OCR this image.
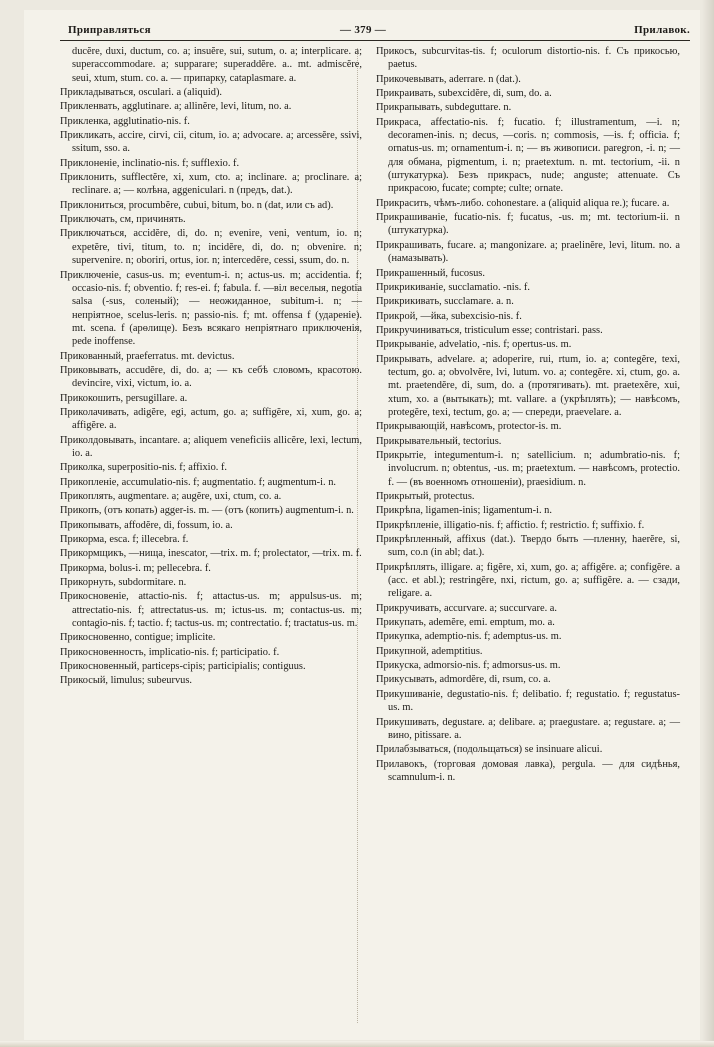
Приправляться	— 379 —	Прилавок.
ducĕre, duxi, ductum, co. a; insuĕre, sui, sutum, o. a; interplicare. a; superaccommodare. a; supparare; superaddĕre. a.. mt. admiscĕre, seui, xtum, stum. co. a. — припарку, cataplasmare. a.
Прикладываться, osculari. a (aliquid).
Прикленвать, agglutinare. a; allinĕre, levi, litum, no. a.
Прикленка, agglutinatio-nis. f.
Прикликать, accire, cirvi, cii, citum, io. a; advocare. a; arcessĕre, ssivi, ssitum, sso. a.
Приклоненіе, inclinatio-nis. f; sufflexio. f.
Приклонить, sufflectĕre, xi, xum, cto. a; inclinare. a; proclinare. a; reclinare. a; — колѣна, aggeniculari. n (предъ, dat.).
Приклониться, procumbĕre, cubui, bitum, bo. n (dat, или съ ad).
Приключать, см, причинять.
Приключаться, accidĕre, di, do. n; evenire, veni, ventum, io. n; expetĕre, tivi, titum, to. n; incidĕre, di, do. n; obvenire. n; supervenire. n; oboriri, ortus, ior. n; intercedĕre, cessi, ssum, do. n.
Приключеніе, casus-us. m; eventum-i. n; actus-us. m; accidentia. f; occasio-nis. f; obventio. f; res-ei. f; fabula. f. —віл веселыя, negotia salsa (-sus, соленый); — неожиданное, subitum-i. n; — непріятное, scelus-leris. n; passio-nis. f; mt. offensa f (удареніе). mt. scena. f (арѳлище). Безъ всякаго непріятнаго приключенія, pede inoffense.
Прикованный, praeferratus. mt. devictus.
Приковывать, accudĕre, di, do. a; — къ себѣ словомъ, красотою. devincire, vixi, victum, io. a.
Прикокошить, persugillare. a.
Приколачивать, adigĕre, egi, actum, go. a; suffigĕre, xi, xum, go. a; affigĕre. a.
Приколдовывать, incantare. a; aliquem veneficiis allicĕre, lexi, lectum, io. a.
Приколка, superpositio-nis. f; affixio. f.
Прикопленіе, accumulatio-nis. f; augmentatio. f; augmentum-i. n.
Прикоплять, augmentare. a; augĕre, uxi, ctum, co. a.
Прикопъ, (отъ копать) agger-is. m. — (отъ (копить) augmentum-i. n.
Прикопывать, affodĕre, di, fossum, io. a.
Прикорма, esca. f; illecebra. f.
Прикормщикъ, —нища, inescator, —trix. m. f; prolectator, —trix. m. f.
Прикорма, bolus-i. m; pellecebra. f.
Прикорнуть, subdormitare. n.
Прикосновеніе, attactio-nis. f; attactus-us. m; appulsus-us. m; attrectatio-nis. f; attrectatus-us. m; ictus-us. m; contactus-us. m; contagio-nis. f; tactio. f; tactus-us. m; contrectatio. f; tractatus-us. m.
Прикосновенно, contigue; implicite.
Прикосновенность, implicatio-nis. f; participatio. f.
Прикосновенный, particeps-cipis; participialis; contiguus.
Прикосый, limulus; subeurvus.
Прикосъ, subcurvitas-tis. f; oculorum distortio-nis. f. Съ прикосью, paetus.
Прикочевывать, aderrare. n (dat.).
Прикраивать, subexcidĕre, di, sum, do. a.
Прикрапывать, subdeguttare. n.
Прикраса, affectatio-nis. f; fucatio. f; illustramentum, —i. n; decoramen-inis. n; decus, —coris. n; commosis, —is. f; officia. f; ornatus-us. m; ornamentum-i. n; — въ живописи. paregron, -i. n; — для обмана, pigmentum, i. n; praetextum. n. mt. tectorium, -ii. n (штукатурка). Безъ прикрасъ, nude; anguste; attenuate. Съ прикрасою, fucate; compte; culte; ornate.
Прикрасить, чѣмъ-либо. cohonestare. a (aliquid aliqua re.); fucare. a.
Прикрашиваніе, fucatio-nis. f; fucatus, -us. m; mt. tectorium-ii. n (штукатурка).
Прикрашивать, fucare. a; mangonizare. a; praelinĕre, levi, litum. no. a (намазывать).
Прикрашенный, fucosus.
Прикрикиваніе, succlamatio. -nis. f.
Прикрикивать, succlamare. a. n.
Прикрой, —йка, subexcisio-nis. f.
Прикручиниваться, tristiculum esse; contristari. pass.
Прикрываніе, advelatio, -nis. f; opertus-us. m.
Прикрывать, advelare. a; adoperire, rui, rtum, io. a; contegĕre, texi, tectum, go. a; obvolvĕre, lvi, lutum. vo. a; contegĕre. xi, ctum, go. a. mt. praetendĕre, di, sum, do. a (протягивать). mt. praetexĕre, xui, xtum, xo. a (вытыкать); mt. vallare. a (укрѣплять); — навѣсомъ, protegĕre, texi, tectum, go. a; — спереди, praevelare. a.
Прикрывающій, навѣсомъ, protector-is. m.
Прикрывательный, tectorius.
Прикрытіе, integumentum-i. n; satellicium. n; adumbratio-nis. f; involucrum. n; obtentus, -us. m; praetextum. — навѣсомъ, protectio. f. — (въ военномъ отношеніи), praesidium. n.
Прикрытый, protectus.
Прикрѣпа, ligamen-inis; ligamentum-i. n.
Прикрѣпленіе, illigatio-nis. f; affictio. f; restrictio. f; suffixio. f.
Прикрѣпленный, affixus (dat.). Твердо быть —пленну, haerĕre, si, sum, co.n (in abl; dat.).
Прикрѣплять, illigare. a; figĕre, xi, xum, go. a; affigĕre. a; configĕre. a (acc. et abl.); restringĕre, nxi, rictum, go. a; suffigĕre. a. — сзади, religare. a.
Прикручивать, accurvare. a; succurvare. a.
Прикупать, ademĕre, emi. emptum, mo. a.
Прикупка, ademptio-nis. f; ademptus-us. m.
Прикупной, ademptitius.
Прикуска, admorsio-nis. f; admorsus-us. m.
Прикусывать, admordĕre, di, rsum, co. a.
Прикушиваніе, degustatio-nis. f; delibatio. f; regustatio. f; regustatus-us. m.
Прикушивать, degustare. a; delibare. a; praegustare. a; regustare. a; — вино, pitissare. a.
Прилабзываться, (подольщаться) se insinuare alicui.
Прилавокъ, (торговая домовая лавка), pergula. — для сидѣнья, scamnulum-i. n.
